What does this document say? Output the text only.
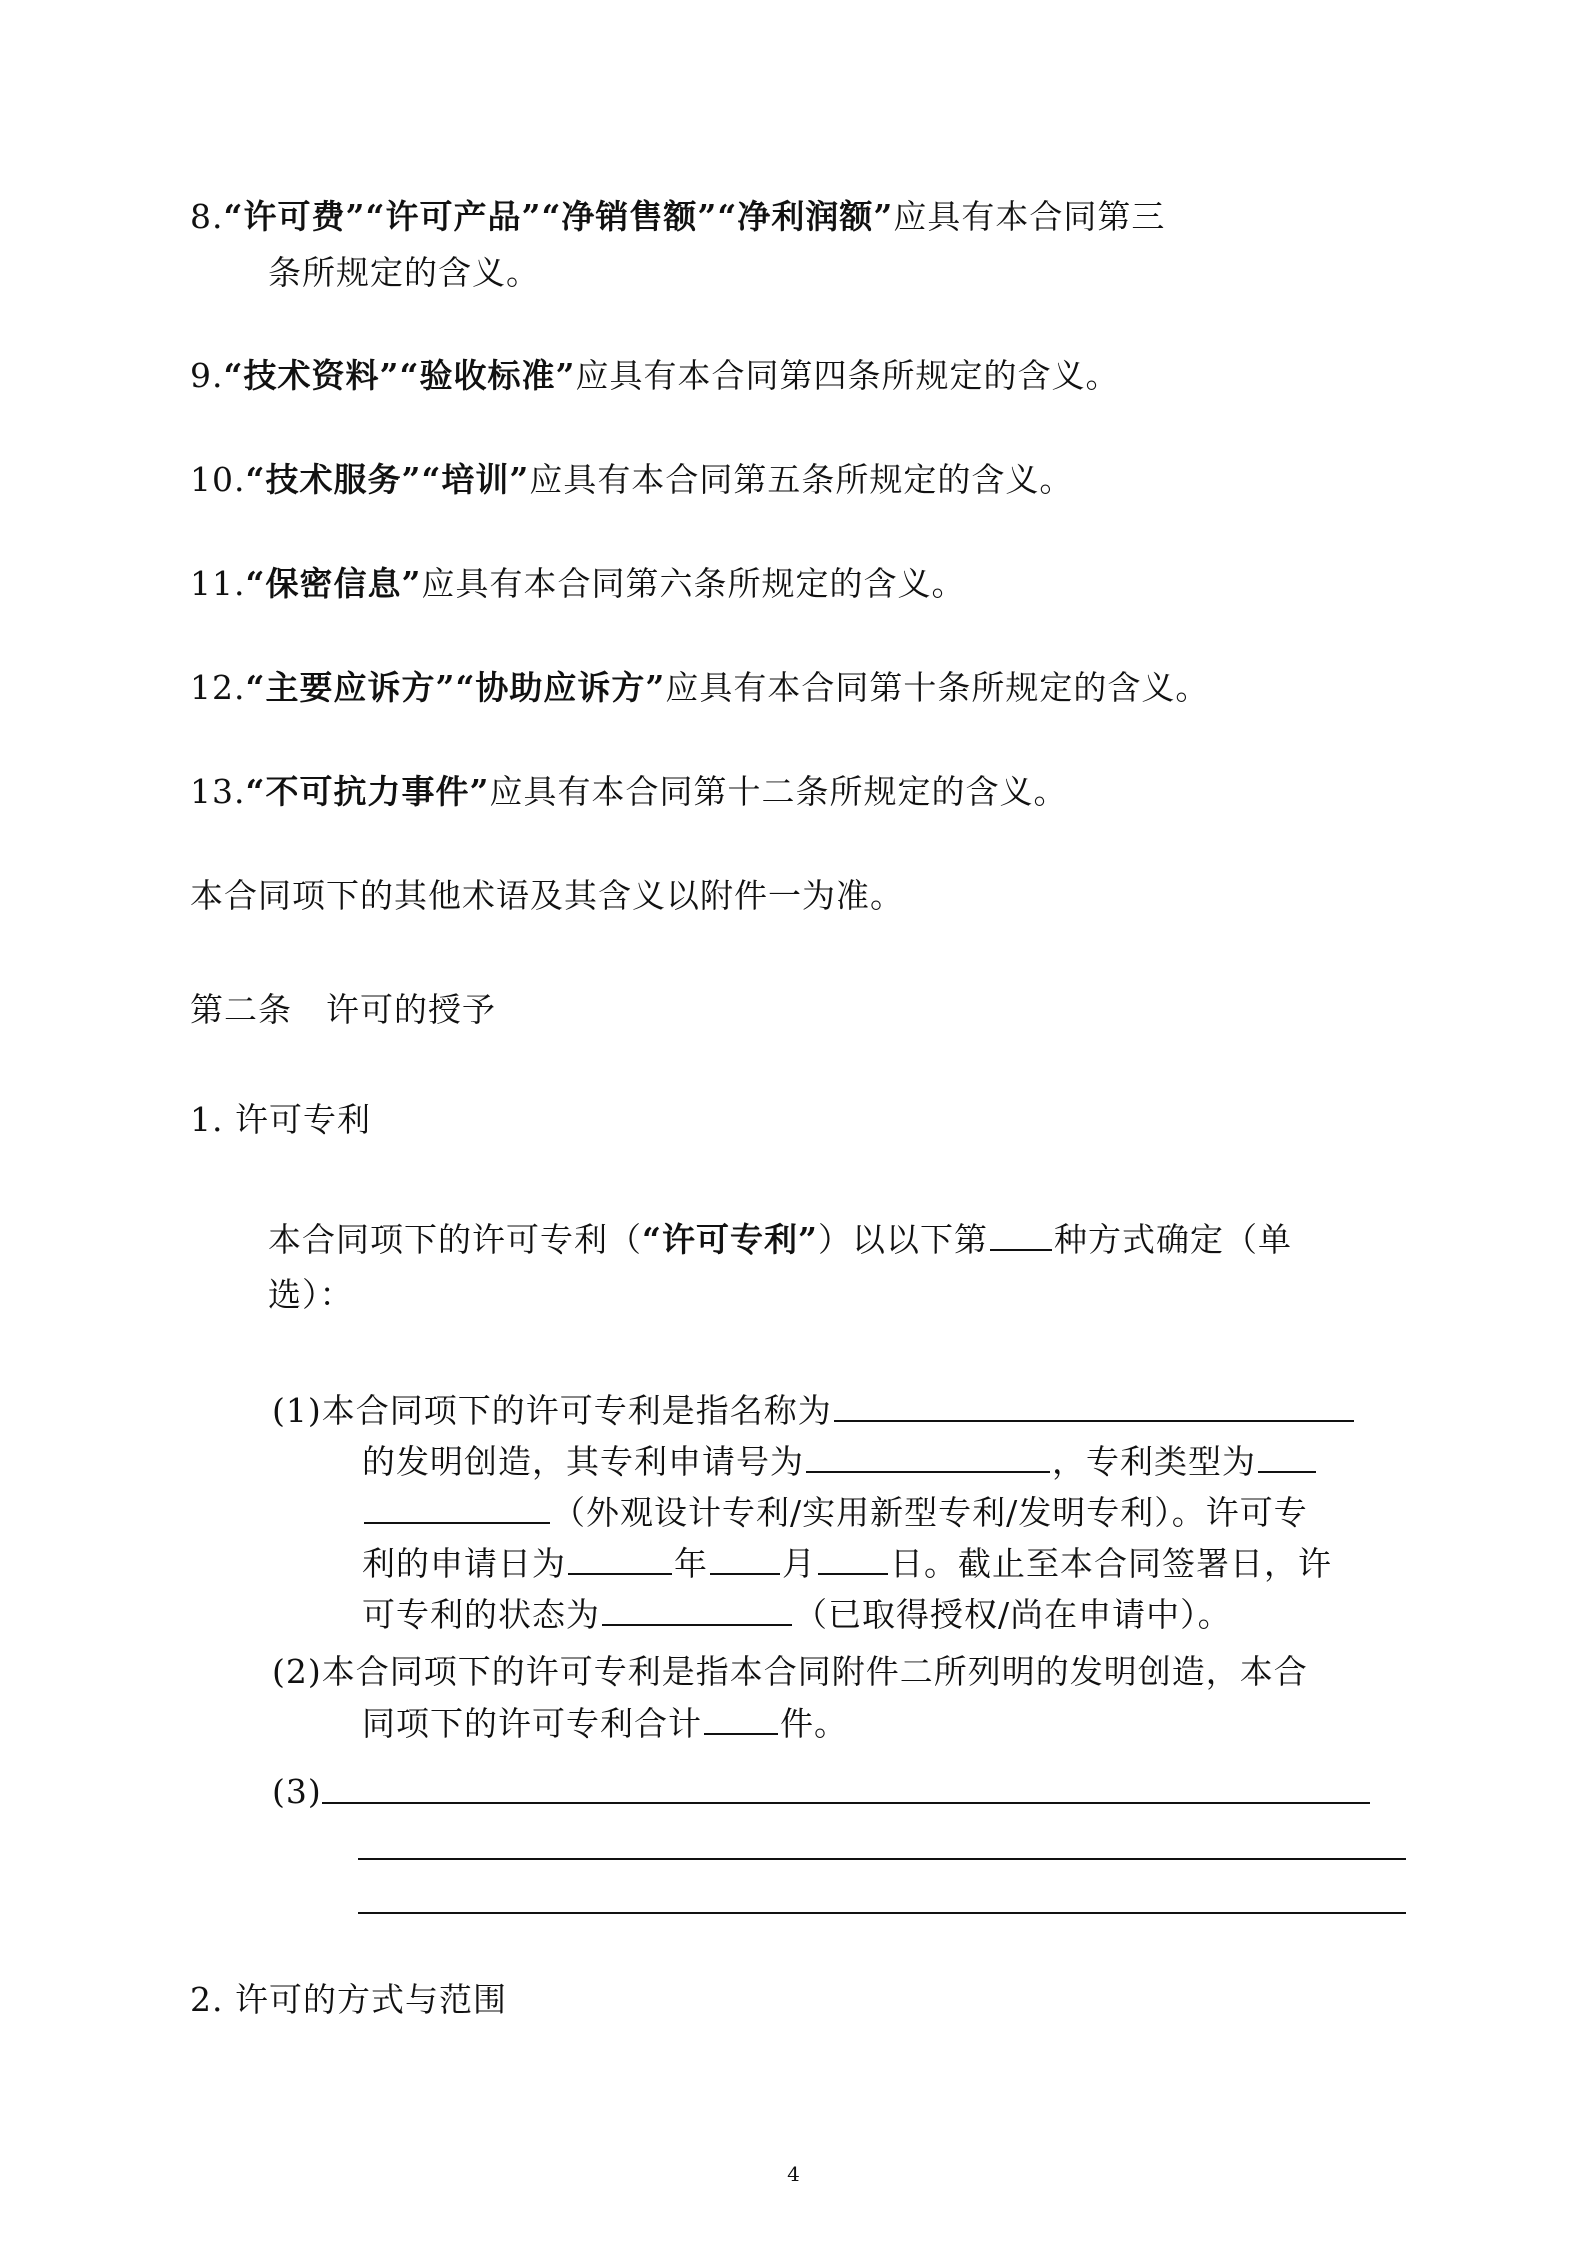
8.“许可费”“许可产品”“净销售额”“净利润额”应具有本合同第三
条所规定的含义。
9.“技术资料”“验收标准”应具有本合同第四条所规定的含义。
10.“技术服务”“培训”应具有本合同第五条所规定的含义。
11.“保密信息”应具有本合同第六条所规定的含义。
12.“主要应诉方”“协助应诉方”应具有本合同第十条所规定的含义。
13.“不可抗力事件”应具有本合同第十二条所规定的含义。
本合同项下的其他术语及其含义以附件一为准。
第二条　许可的授予
1. 许可专利
本合同项下的许可专利（“许可专利”）以以下第 种方式确定（单
选）：
(1)本合同项下的许可专利是指名称为
的发明创造，其专利申请号为	，专利类型为
（外观设计专利/实用新型专利/发明专利）。许可专
利的申请日为	年 月 日。截止至本合同签署日，许
可专利的状态为	（已取得授权/尚在申请中）。
(2)本合同项下的许可专利是指本合同附件二所列明的发明创造，本合
同项下的许可专利合计 件。
(3)
2. 许可的方式与范围
4
